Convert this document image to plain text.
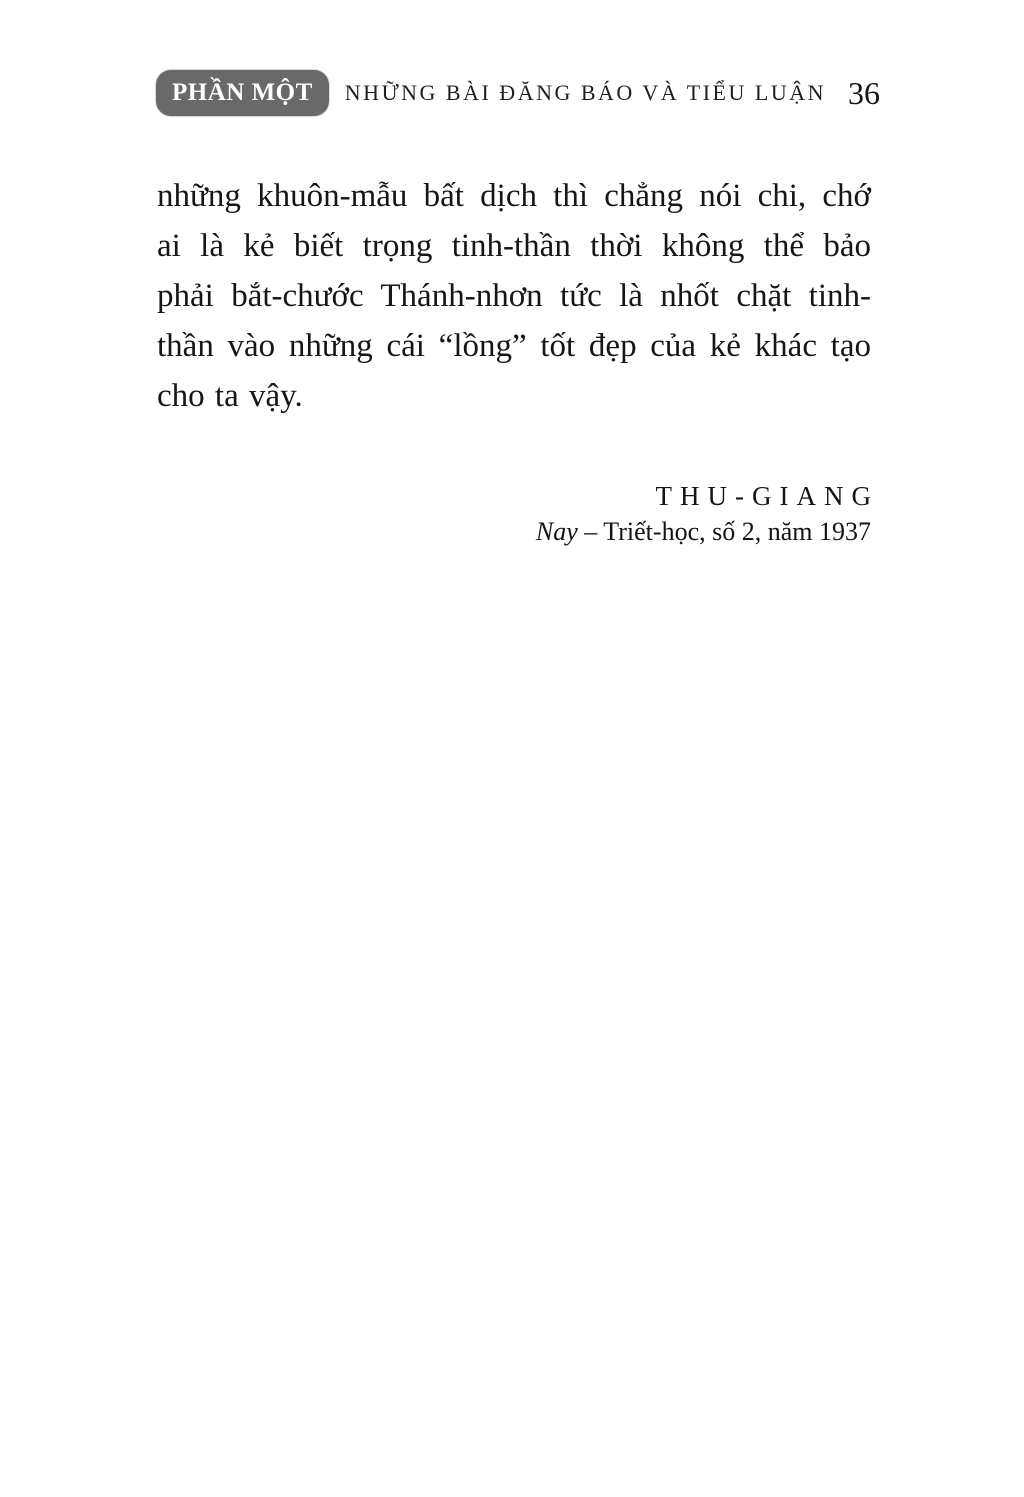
PHẦN MỘT	NHỮNG BÀI ĐĂNG BÁO VÀ TIỂU LUẬN 36
những khuôn-mẫu bất dịch thì chẳng nói chi, chớ
ai là kẻ biết trọng tinh-thần thời không thể bảo
phải bắt-chước Thánh-nhơn tức là nhốt chặt tinh-
thần vào những cái “lồng” tốt đẹp của kẻ khác tạo
cho ta vậy.
THU-GIANG
Nay – Triết-học, số 2, năm 1937
